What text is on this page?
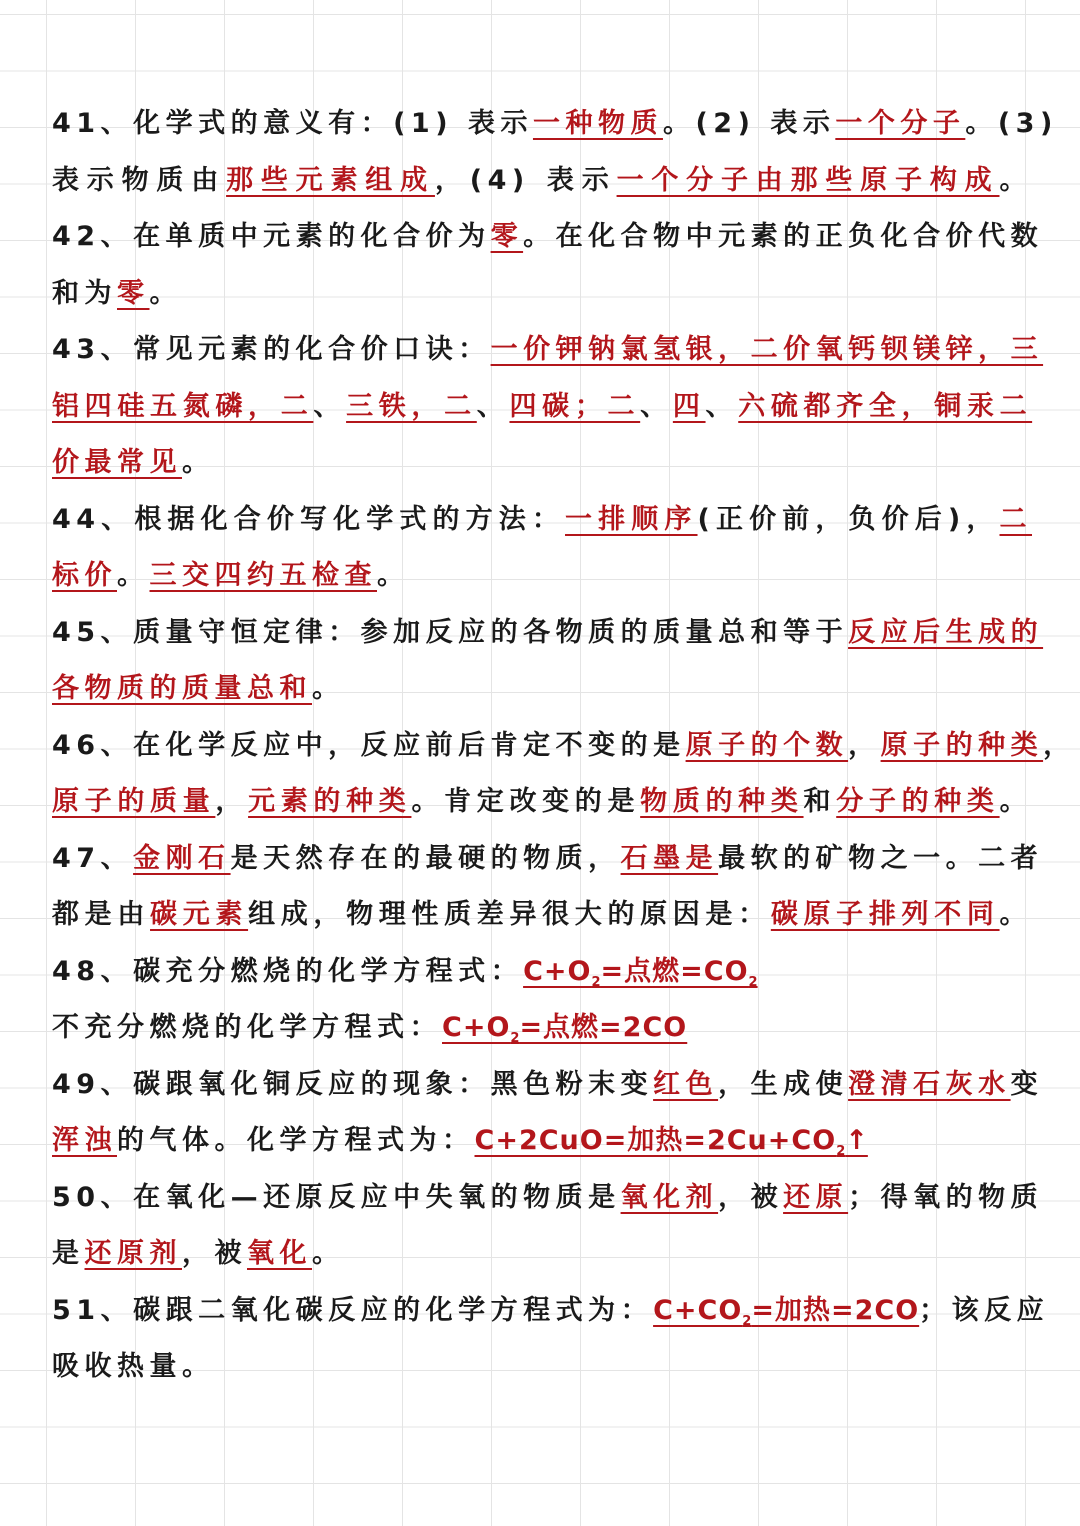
41、化学式的意义有：(1) 表示一种物质。(2) 表示一个分子。(3)
表示物质由那些元素组成，(4) 表示一个分子由那些原子构成。
42、在单质中元素的化合价为零。在化合物中元素的正负化合价代数
和为零。
43、常见元素的化合价口诀：一价钾钠氯氢银，二价氧钙钡镁锌，三
铝四硅五氮磷，二、三铁，二、四碳；二、四、六硫都齐全，铜汞二
价最常见。
44、根据化合价写化学式的方法：一排顺序(正价前，负价后)，二
标价。三交四约五检查。
45、质量守恒定律：参加反应的各物质的质量总和等于反应后生成的
各物质的质量总和。
46、在化学反应中，反应前后肯定不变的是原子的个数，原子的种类，
原子的质量，元素的种类。肯定改变的是物质的种类和分子的种类。
47、金刚石是天然存在的最硬的物质，石墨是最软的矿物之一。二者
都是由碳元素组成，物理性质差异很大的原因是：碳原子排列不同。
48、碳充分燃烧的化学方程式：$C+O_2=$点燃$=CO_2$
不充分燃烧的化学方程式：$C+O_2=$点燃=2CO
49、碳跟氧化铜反应的现象：黑色粉末变红色，生成使澄清石灰水变
浑浊的气体。化学方程式为：C+2CuO=加热$=2Cu+CO_2↑$
50、在氧化—还原反应中失氧的物质是氧化剂，被还原；得氧的物质
是还原剂，被氧化。
51、碳跟二氧化碳反应的化学方程式为：$C+CO_2=$加热=2CO；该反应
吸收热量。
